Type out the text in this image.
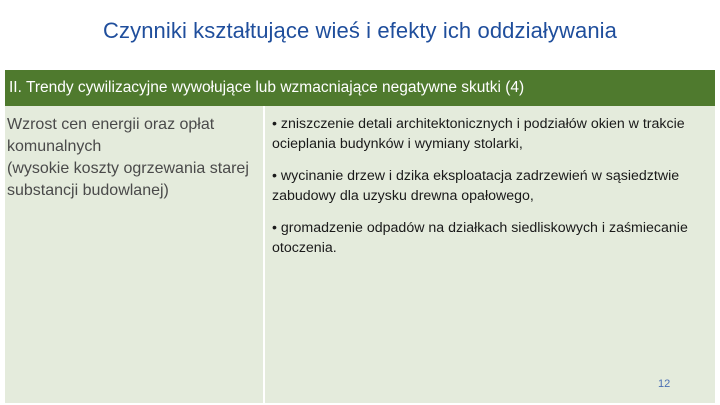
Czynniki kształtujące wieś i efekty ich oddziaływania
II. Trendy cywilizacyjne wywołujące lub wzmacniające negatywne skutki (4)
Wzrost cen energii oraz opłat komunalnych
(wysokie koszty ogrzewania starej substancji budowlanej)
• zniszczenie detali architektonicznych i podziałów okien w trakcie ocieplania budynków i wymiany stolarki,
• wycinanie drzew i dzika eksploatacja zadrzewień w sąsiedztwie zabudowy dla uzysku drewna opałowego,
• gromadzenie odpadów na działkach siedliskowych i zaśmiecanie otoczenia.
12
